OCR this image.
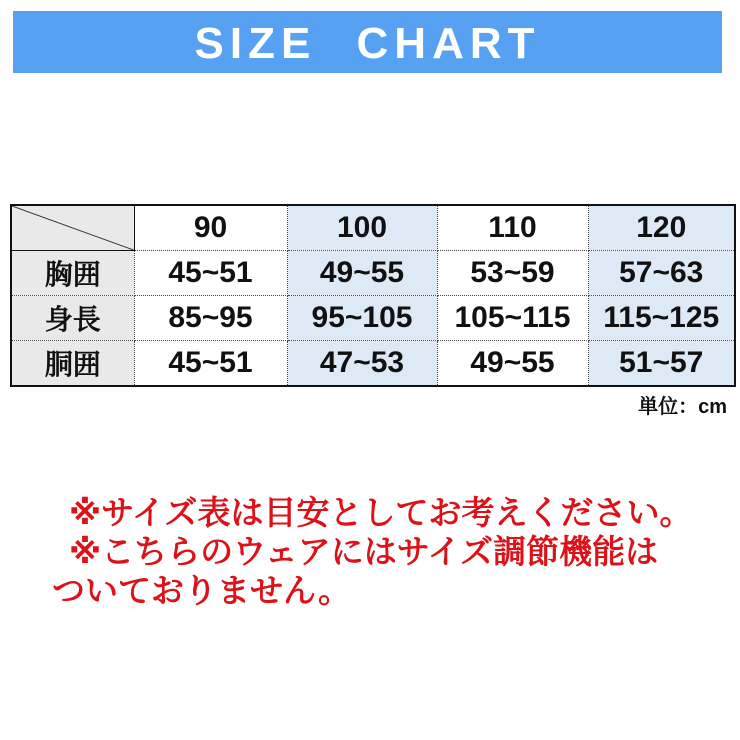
SIZE CHART
	90	100	110	120
胸囲	45~51	49~55	53~59	57~63
身長	85~95	95~105	105~115	115~125
胴囲	45~51	47~53	49~55	51~57
単位：cm
※サイズ表は目安としてお考えください。
※こちらのウェアにはサイズ調節機能は
ついておりません。
